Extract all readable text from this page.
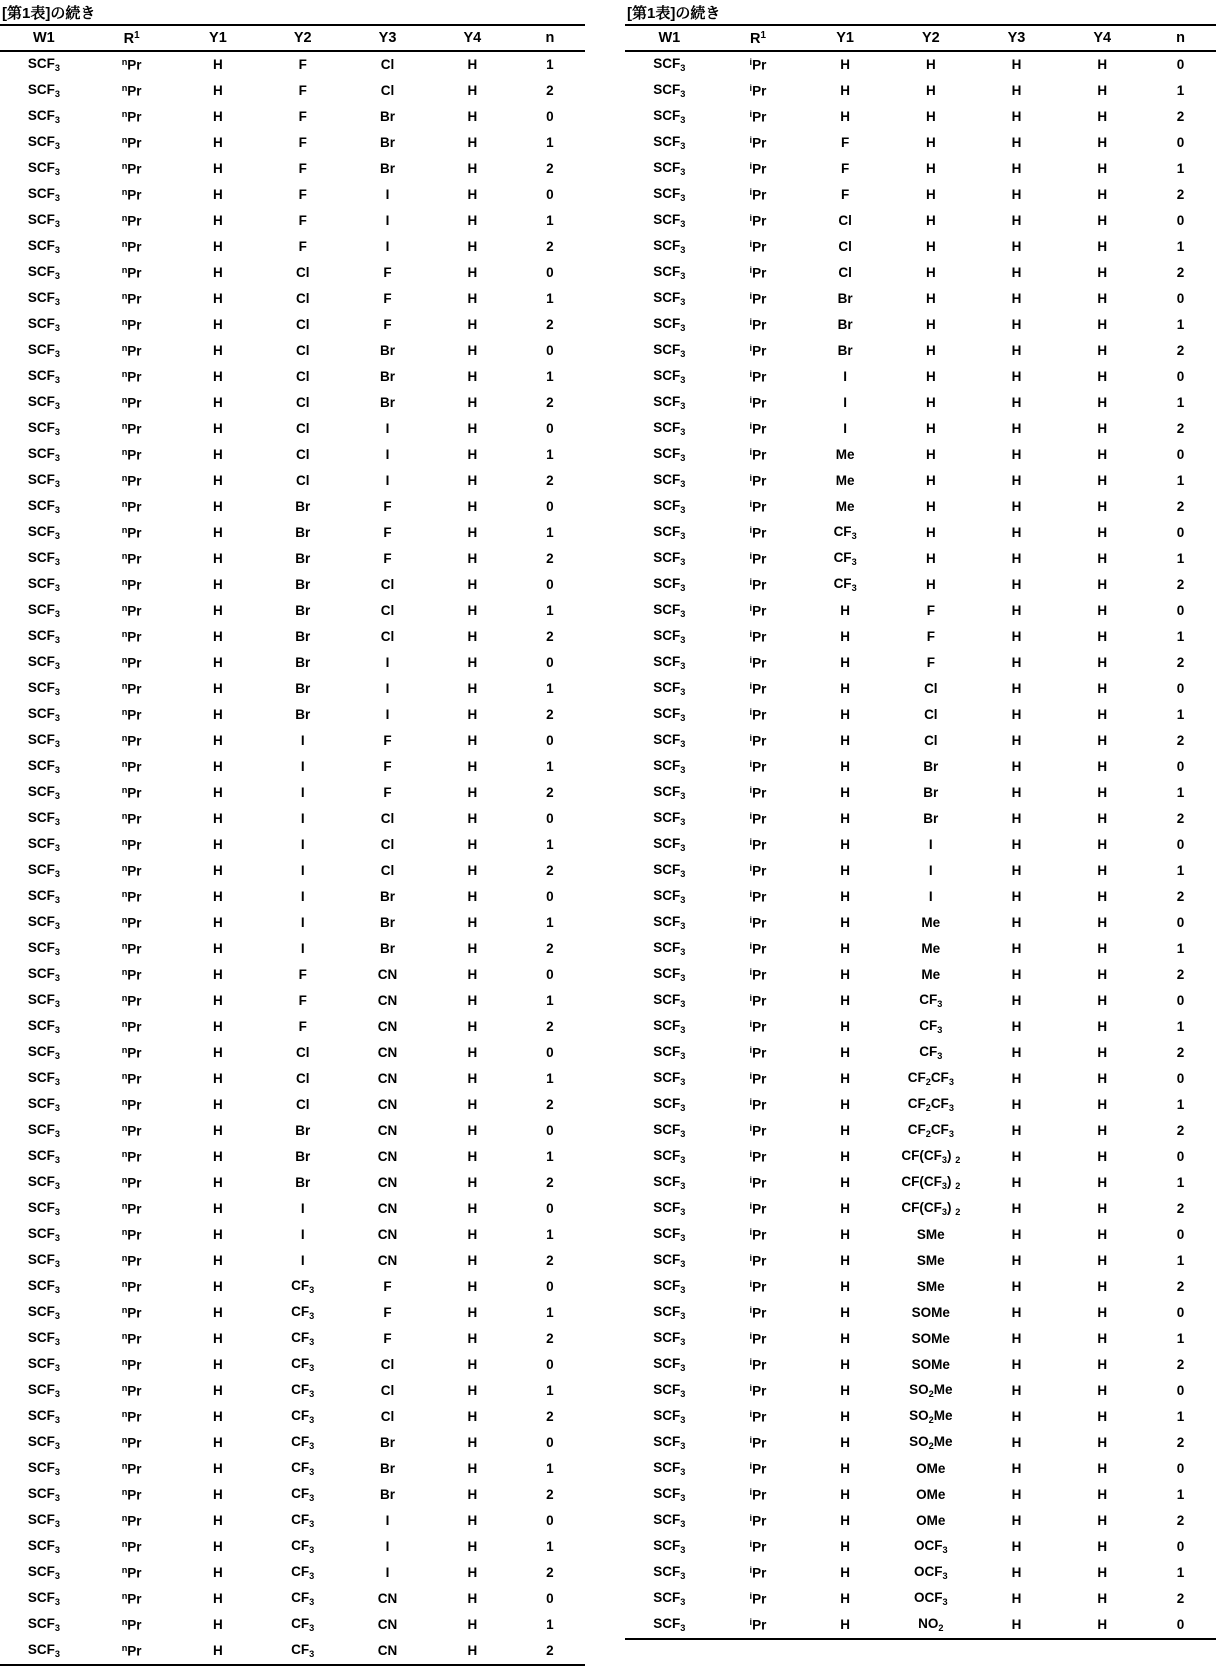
[第1表]の続き
W1	$R^1$	Y1	Y2	Y3	Y4	n
$SCF_3$	$^n$Pr	H	F	Cl	H	1
$SCF_3$	$^n$Pr	H	F	Cl	H	2
$SCF_3$	$^n$Pr	H	F	Br	H	0
$SCF_3$	$^n$Pr	H	F	Br	H	1
$SCF_3$	$^n$Pr	H	F	Br	H	2
$SCF_3$	$^n$Pr	H	F	I	H	0
$SCF_3$	$^n$Pr	H	F	I	H	1
$SCF_3$	$^n$Pr	H	F	I	H	2
$SCF_3$	$^n$Pr	H	Cl	F	H	0
$SCF_3$	$^n$Pr	H	Cl	F	H	1
$SCF_3$	$^n$Pr	H	Cl	F	H	2
$SCF_3$	$^n$Pr	H	Cl	Br	H	0
$SCF_3$	$^n$Pr	H	Cl	Br	H	1
$SCF_3$	$^n$Pr	H	Cl	Br	H	2
$SCF_3$	$^n$Pr	H	Cl	I	H	0
$SCF_3$	$^n$Pr	H	Cl	I	H	1
$SCF_3$	$^n$Pr	H	Cl	I	H	2
$SCF_3$	$^n$Pr	H	Br	F	H	0
$SCF_3$	$^n$Pr	H	Br	F	H	1
$SCF_3$	$^n$Pr	H	Br	F	H	2
$SCF_3$	$^n$Pr	H	Br	Cl	H	0
$SCF_3$	$^n$Pr	H	Br	Cl	H	1
$SCF_3$	$^n$Pr	H	Br	Cl	H	2
$SCF_3$	$^n$Pr	H	Br	I	H	0
$SCF_3$	$^n$Pr	H	Br	I	H	1
$SCF_3$	$^n$Pr	H	Br	I	H	2
$SCF_3$	$^n$Pr	H	I	F	H	0
$SCF_3$	$^n$Pr	H	I	F	H	1
$SCF_3$	$^n$Pr	H	I	F	H	2
$SCF_3$	$^n$Pr	H	I	Cl	H	0
$SCF_3$	$^n$Pr	H	I	Cl	H	1
$SCF_3$	$^n$Pr	H	I	Cl	H	2
$SCF_3$	$^n$Pr	H	I	Br	H	0
$SCF_3$	$^n$Pr	H	I	Br	H	1
$SCF_3$	$^n$Pr	H	I	Br	H	2
$SCF_3$	$^n$Pr	H	F	CN	H	0
$SCF_3$	$^n$Pr	H	F	CN	H	1
$SCF_3$	$^n$Pr	H	F	CN	H	2
$SCF_3$	$^n$Pr	H	Cl	CN	H	0
$SCF_3$	$^n$Pr	H	Cl	CN	H	1
$SCF_3$	$^n$Pr	H	Cl	CN	H	2
$SCF_3$	$^n$Pr	H	Br	CN	H	0
$SCF_3$	$^n$Pr	H	Br	CN	H	1
$SCF_3$	$^n$Pr	H	Br	CN	H	2
$SCF_3$	$^n$Pr	H	I	CN	H	0
$SCF_3$	$^n$Pr	H	I	CN	H	1
$SCF_3$	$^n$Pr	H	I	CN	H	2
$SCF_3$	$^n$Pr	H	$CF_3$	F	H	0
$SCF_3$	$^n$Pr	H	$CF_3$	F	H	1
$SCF_3$	$^n$Pr	H	$CF_3$	F	H	2
$SCF_3$	$^n$Pr	H	$CF_3$	Cl	H	0
$SCF_3$	$^n$Pr	H	$CF_3$	Cl	H	1
$SCF_3$	$^n$Pr	H	$CF_3$	Cl	H	2
$SCF_3$	$^n$Pr	H	$CF_3$	Br	H	0
$SCF_3$	$^n$Pr	H	$CF_3$	Br	H	1
$SCF_3$	$^n$Pr	H	$CF_3$	Br	H	2
$SCF_3$	$^n$Pr	H	$CF_3$	I	H	0
$SCF_3$	$^n$Pr	H	$CF_3$	I	H	1
$SCF_3$	$^n$Pr	H	$CF_3$	I	H	2
$SCF_3$	$^n$Pr	H	$CF_3$	CN	H	0
$SCF_3$	$^n$Pr	H	$CF_3$	CN	H	1
$SCF_3$	$^n$Pr	H	$CF_3$	CN	H	2
[第1表]の続き
W1	$R^1$	Y1	Y2	Y3	Y4	n
$SCF_3$	$^i$Pr	H	H	H	H	0
$SCF_3$	$^i$Pr	H	H	H	H	1
$SCF_3$	$^i$Pr	H	H	H	H	2
$SCF_3$	$^i$Pr	F	H	H	H	0
$SCF_3$	$^i$Pr	F	H	H	H	1
$SCF_3$	$^i$Pr	F	H	H	H	2
$SCF_3$	$^i$Pr	Cl	H	H	H	0
$SCF_3$	$^i$Pr	Cl	H	H	H	1
$SCF_3$	$^i$Pr	Cl	H	H	H	2
$SCF_3$	$^i$Pr	Br	H	H	H	0
$SCF_3$	$^i$Pr	Br	H	H	H	1
$SCF_3$	$^i$Pr	Br	H	H	H	2
$SCF_3$	$^i$Pr	I	H	H	H	0
$SCF_3$	$^i$Pr	I	H	H	H	1
$SCF_3$	$^i$Pr	I	H	H	H	2
$SCF_3$	$^i$Pr	Me	H	H	H	0
$SCF_3$	$^i$Pr	Me	H	H	H	1
$SCF_3$	$^i$Pr	Me	H	H	H	2
$SCF_3$	$^i$Pr	$CF_3$	H	H	H	0
$SCF_3$	$^i$Pr	$CF_3$	H	H	H	1
$SCF_3$	$^i$Pr	$CF_3$	H	H	H	2
$SCF_3$	$^i$Pr	H	F	H	H	0
$SCF_3$	$^i$Pr	H	F	H	H	1
$SCF_3$	$^i$Pr	H	F	H	H	2
$SCF_3$	$^i$Pr	H	Cl	H	H	0
$SCF_3$	$^i$Pr	H	Cl	H	H	1
$SCF_3$	$^i$Pr	H	Cl	H	H	2
$SCF_3$	$^i$Pr	H	Br	H	H	0
$SCF_3$	$^i$Pr	H	Br	H	H	1
$SCF_3$	$^i$Pr	H	Br	H	H	2
$SCF_3$	$^i$Pr	H	I	H	H	0
$SCF_3$	$^i$Pr	H	I	H	H	1
$SCF_3$	$^i$Pr	H	I	H	H	2
$SCF_3$	$^i$Pr	H	Me	H	H	0
$SCF_3$	$^i$Pr	H	Me	H	H	1
$SCF_3$	$^i$Pr	H	Me	H	H	2
$SCF_3$	$^i$Pr	H	$CF_3$	H	H	0
$SCF_3$	$^i$Pr	H	$CF_3$	H	H	1
$SCF_3$	$^i$Pr	H	$CF_3$	H	H	2
$SCF_3$	$^i$Pr	H	$CF_2CF_3$	H	H	0
$SCF_3$	$^i$Pr	H	$CF_2CF_3$	H	H	1
$SCF_3$	$^i$Pr	H	$CF_2CF_3$	H	H	2
$SCF_3$	$^i$Pr	H	$CF(CF_3)$ $_2$	H	H	0
$SCF_3$	$^i$Pr	H	$CF(CF_3)$ $_2$	H	H	1
$SCF_3$	$^i$Pr	H	$CF(CF_3)$ $_2$	H	H	2
$SCF_3$	$^i$Pr	H	SMe	H	H	0
$SCF_3$	$^i$Pr	H	SMe	H	H	1
$SCF_3$	$^i$Pr	H	SMe	H	H	2
$SCF_3$	$^i$Pr	H	SOMe	H	H	0
$SCF_3$	$^i$Pr	H	SOMe	H	H	1
$SCF_3$	$^i$Pr	H	SOMe	H	H	2
$SCF_3$	$^i$Pr	H	$SO_2Me$	H	H	0
$SCF_3$	$^i$Pr	H	$SO_2Me$	H	H	1
$SCF_3$	$^i$Pr	H	$SO_2Me$	H	H	2
$SCF_3$	$^i$Pr	H	OMe	H	H	0
$SCF_3$	$^i$Pr	H	OMe	H	H	1
$SCF_3$	$^i$Pr	H	OMe	H	H	2
$SCF_3$	$^i$Pr	H	$OCF_3$	H	H	0
$SCF_3$	$^i$Pr	H	$OCF_3$	H	H	1
$SCF_3$	$^i$Pr	H	$OCF_3$	H	H	2
$SCF_3$	$^i$Pr	H	$NO_2$	H	H	0
